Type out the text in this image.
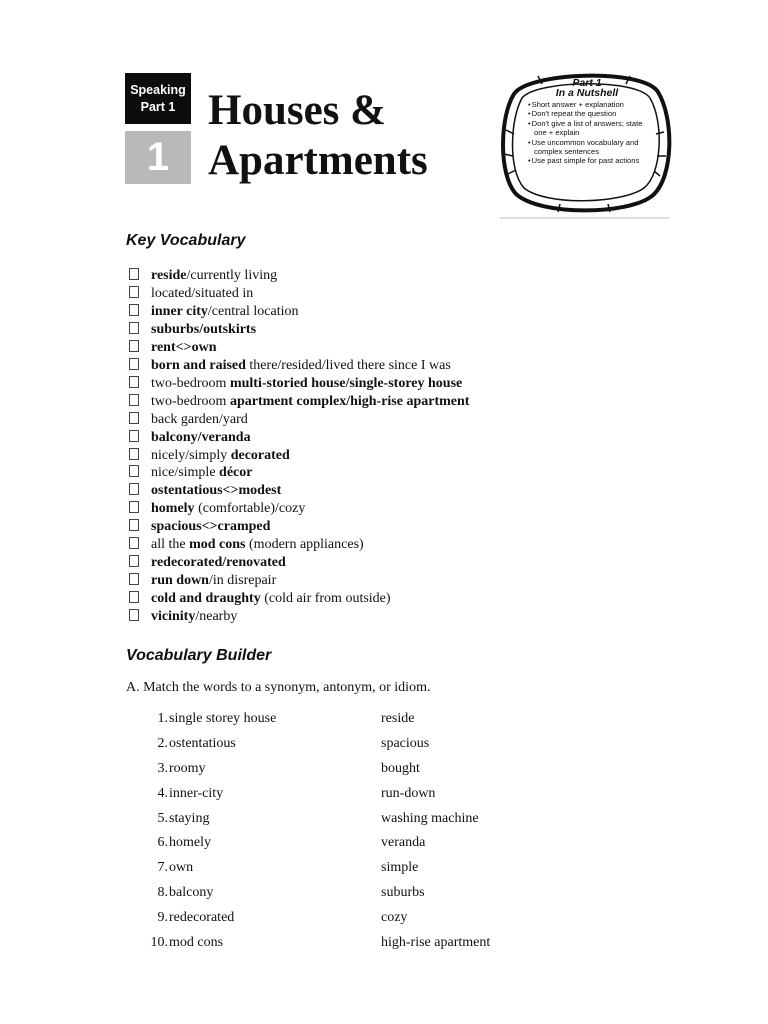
Speaking
Part 1
1
Houses &
Apartments
Part 1
In a Nutshell
• Short answer + explanation
• Don't repeat the question
• Don't give a list of answers; state one + explain
• Use uncommon vocabulary and complex sentences
• Use past simple for past actions
Key Vocabulary
reside/currently living
located/situated in
inner city/central location
suburbs/outskirts
rent<>own
born and raised there/resided/lived there since I was
two-bedroom multi-storied house/single-storey house
two-bedroom apartment complex/high-rise apartment
back garden/yard
balcony/veranda
nicely/simply decorated
nice/simple décor
ostentatious<>modest
homely (comfortable)/cozy
spacious<>cramped
all the mod cons (modern appliances)
redecorated/renovated
run down/in disrepair
cold and draughty (cold air from outside)
vicinity/nearby
Vocabulary Builder
A. Match the words to a synonym, antonym, or idiom.
1. single storey house	reside
2. ostentatious	spacious
3. roomy	bought
4. inner-city	run-down
5. staying	washing machine
6. homely	veranda
7. own	simple
8. balcony	suburbs
9. redecorated	cozy
10. mod cons	high-rise apartment
